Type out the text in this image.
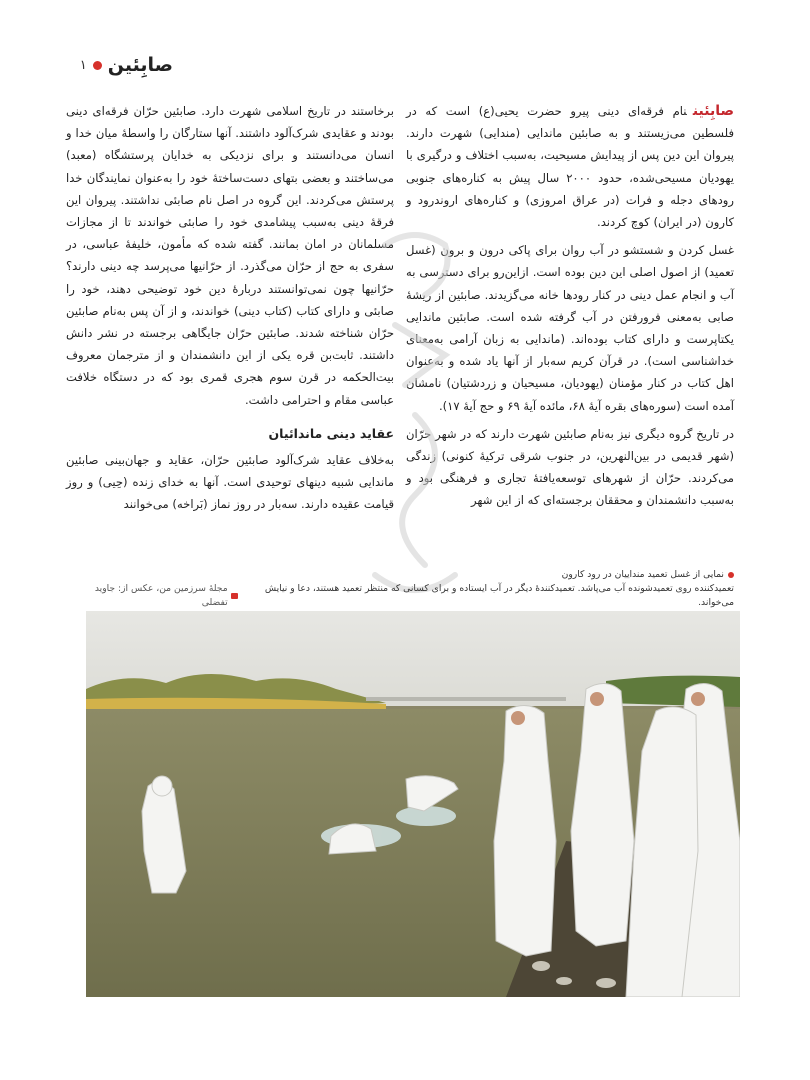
صابِئین
۱

صابِئیننام فرقه‌ای دینی پیرو حضرت یحیی(ع) است که در فلسطین می‌زیستند و به صابئین ماندایی (مندایی) شهرت دارند. پیروان این دین پس از پیدایش مسیحیت، به‌سبب اختلاف و درگیری با یهودیان مسیحی‌شده، حدود ۲۰۰۰ سال پیش به کناره‌های جنوبی رودهای دجله و فرات (در عراق امروزی) و کناره‌های اروندرود و کارون (در ایران) کوچ کردند.

غسل کردن و شستشو در آب روان برای پاکی درون و برون (غسل تعمید) از اصول اصلی این دین بوده است. ازاین‌رو برای دسترسی به آب و انجام عمل دینی در کنار رودها خانه می‌گزیدند. صابئین از ریشهٔ صابی به‌معنی فرورفتن در آب گرفته شده است. صابئین ماندایی یکتاپرست و دارای کتاب بوده‌اند. (ماندایی به زبان آرامی به‌معنای خداشناسی است). در قرآن کریم سه‌بار از آنها یاد شده و به‌عنوان اهل کتاب در کنار مؤمنان (یهودیان، مسیحیان و زردشتیان) نامشان آمده است (سوره‌های بقره آیهٔ ۶۸، مائده آیهٔ ۶۹ و حج آیهٔ ۱۷).

در تاریخ گروه دیگری نیز به‌نام صابئین شهرت دارند که در شهر حرّان (شهر قدیمی در بین‌النهرین، در جنوب شرقی ترکیهٔ کنونی) زندگی می‌کردند. حرّان از شهرهای توسعه‌یافتهٔ تجاری و فرهنگی بود و به‌سبب دانشمندان و محققان برجسته‌ای که از این شهر

برخاستند در تاریخ اسلامی شهرت دارد. صابئین حرّان فرقه‌ای دینی بودند و عقایدی شرک‌آلود داشتند. آنها ستارگان را واسطهٔ میان خدا و انسان می‌دانستند و برای نزدیکی به خدایان پرستشگاه (معبد) می‌ساختند و بعضی بتهای دست‌ساختهٔ خود را به‌عنوان نمایندگان خدا پرستش می‌کردند. این گروه در اصل نام صابئی نداشتند. پیروان این فرقهٔ دینی به‌سبب پیشامدی خود را صابئی خواندند تا از مجازات مسلمانان در امان بمانند. گفته شده که مأمون، خلیفهٔ عباسی، در سفری به حج از حرّان می‌گذرد. از حرّانیها می‌پرسد چه دینی دارند؟ حرّانیها چون نمی‌توانستند دربارهٔ دین خود توضیحی دهند، خود را صابئی و دارای کتاب (کتاب دینی) خواندند، و از آن پس به‌نام صابئین حرّان شناخته شدند. صابئین حرّان جایگاهی برجسته در نشر دانش داشتند. ثابت‌بن قره یکی از این دانشمندان و از مترجمان معروف بیت‌الحکمه در قرن سوم هجری قمری بود که در دستگاه خلافت عباسی مقام و احترامی داشت.

عقاید دینی ماندائیان

به‌خلاف عقاید شرک‌آلود صابئین حرّان، عقاید و جهان‌بینی صابئین ماندایی شبیه دینهای توحیدی است. آنها به خدای زنده (حِیی) و روز قیامت عقیده دارند. سه‌بار در روز نماز (بَراخه) می‌خوانند

نمایی از غسل تعمید منداییان در رود کارون
تعمیدکننده روی تعمیدشونده آب می‌پاشد. تعمیدکنندهٔ دیگر در آب ایستاده و برای کسانی که منتظر تعمید هستند، دعا و نیایش می‌خواند.
مجلهٔ سرزمین من، عکس از: جاوید تفضلی
